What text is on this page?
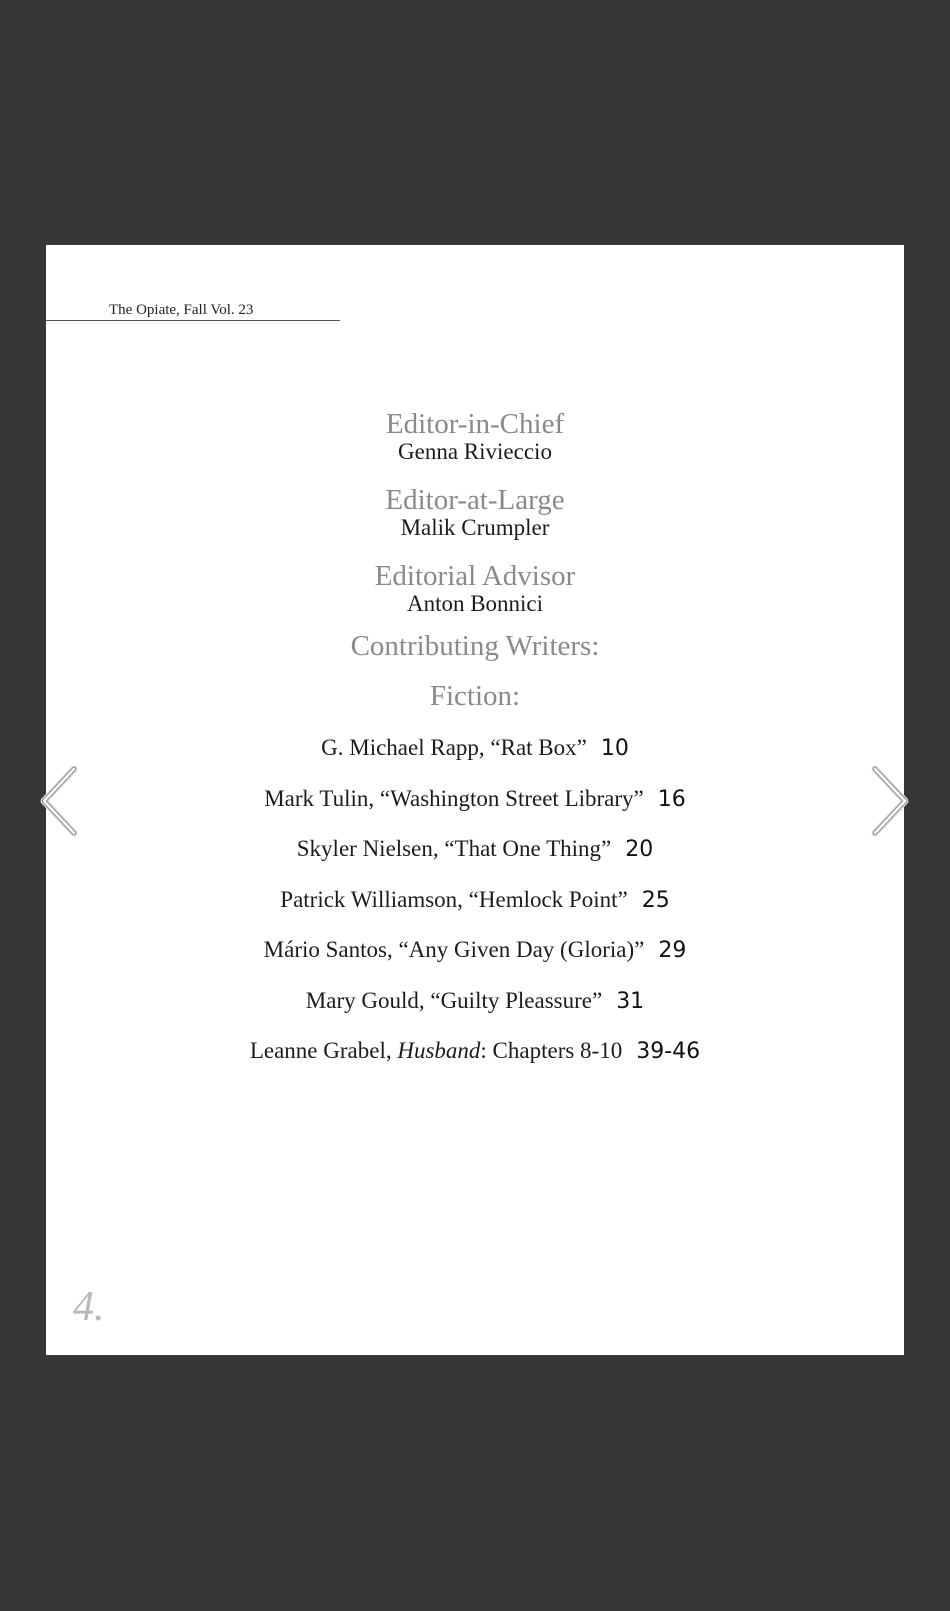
The Opiate, Fall Vol. 23
Editor-in-Chief
Genna Rivieccio
Editor-at-Large
Malik Crumpler
Editorial Advisor
Anton Bonnici
Contributing Writers:
Fiction:
G. Michael Rapp, “Rat Box” 10
Mark Tulin, “Washington Street Library” 16
Skyler Nielsen, “That One Thing” 20
Patrick Williamson, “Hemlock Point” 25
Mário Santos, “Any Given Day (Gloria)” 29
Mary Gould, “Guilty Pleassure” 31
Leanne Grabel, Husband: Chapters 8-10 39-46
4.
